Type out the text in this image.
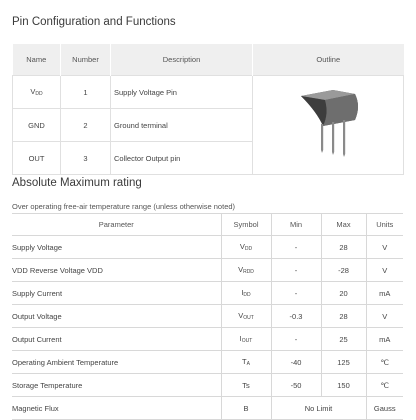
Pin Configuration and Functions
Name	Number	Description	Outline
$V_{DD}$	1	Supply Voltage Pin	
GND	2	Ground terminal	
OUT	3	Collector Output pin	
Absolute Maximum rating
Over operating free-air temperature range (unless otherwise noted)
Parameter	Symbol	Min	Max	Units
Supply Voltage	$V_{DD}$	-	28	V
VDD Reverse Voltage VDD	$V_{RDD}$	-	-28	V
Supply Current	$I_{DD}$	-	20	mA
Output Voltage	$V_{OUT}$	-0.3	28	V
Output Current	$I_{OUT}$	-	25	mA
Operating Ambient Temperature	$T_A$	-40	125	℃
Storage Temperature	Ts	-50	150	℃
Magnetic Flux	B	No Limit		Gauss
